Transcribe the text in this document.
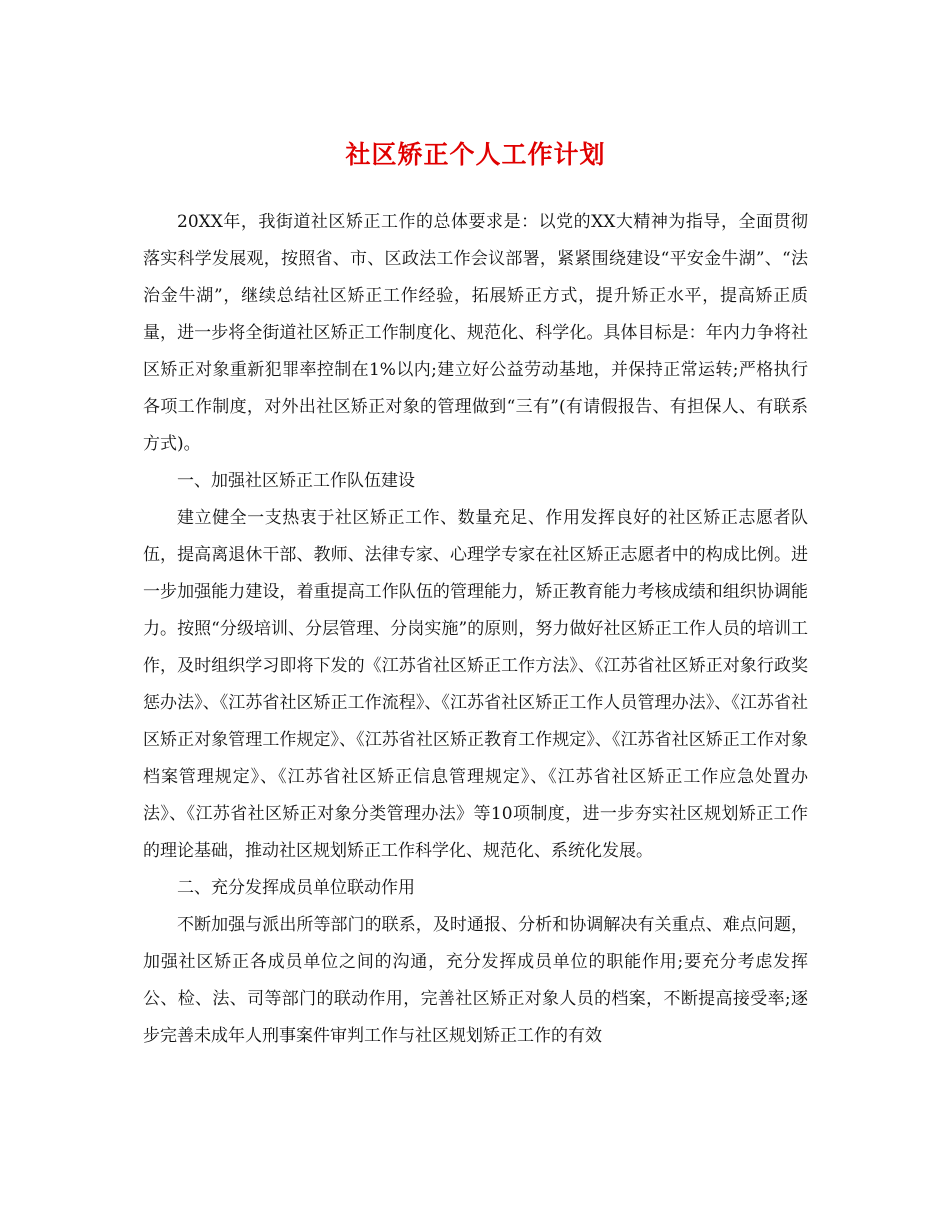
社区矫正个人工作计划

20XX年，我街道社区矫正工作的总体要求是：以党的XX大精神为指导，全面贯彻落实科学发展观，按照省、市、区政法工作会议部署，紧紧围绕建设“平安金牛湖”、“法治金牛湖”，继续总结社区矫正工作经验，拓展矫正方式，提升矫正水平，提高矫正质量，进一步将全街道社区矫正工作制度化、规范化、科学化。具体目标是：年内力争将社区矫正对象重新犯罪率控制在1%以内;建立好公益劳动基地，并保持正常运转;严格执行各项工作制度，对外出社区矫正对象的管理做到“三有”(有请假报告、有担保人、有联系方式)。

一、加强社区矫正工作队伍建设

建立健全一支热衷于社区矫正工作、数量充足、作用发挥良好的社区矫正志愿者队伍，提高离退休干部、教师、法律专家、心理学专家在社区矫正志愿者中的构成比例。进一步加强能力建设，着重提高工作队伍的管理能力，矫正教育能力考核成绩和组织协调能力。按照“分级培训、分层管理、分岗实施”的原则，努力做好社区矫正工作人员的培训工作，及时组织学习即将下发的《江苏省社区矫正工作方法》、《江苏省社区矫正对象行政奖惩办法》、《江苏省社区矫正工作流程》、《江苏省社区矫正工作人员管理办法》、《江苏省社区矫正对象管理工作规定》、《江苏省社区矫正教育工作规定》、《江苏省社区矫正工作对象档案管理规定》、《江苏省社区矫正信息管理规定》、《江苏省社区矫正工作应急处置办法》、《江苏省社区矫正对象分类管理办法》等10项制度，进一步夯实社区规划矫正工作的理论基础，推动社区规划矫正工作科学化、规范化、系统化发展。

二、充分发挥成员单位联动作用

不断加强与派出所等部门的联系，及时通报、分析和协调解决有关重点、难点问题，加强社区矫正各成员单位之间的沟通，充分发挥成员单位的职能作用;要充分考虑发挥公、检、法、司等部门的联动作用，完善社区矫正对象人员的档案，不断提高接受率;逐步完善未成年人刑事案件审判工作与社区规划矫正工作的有效
